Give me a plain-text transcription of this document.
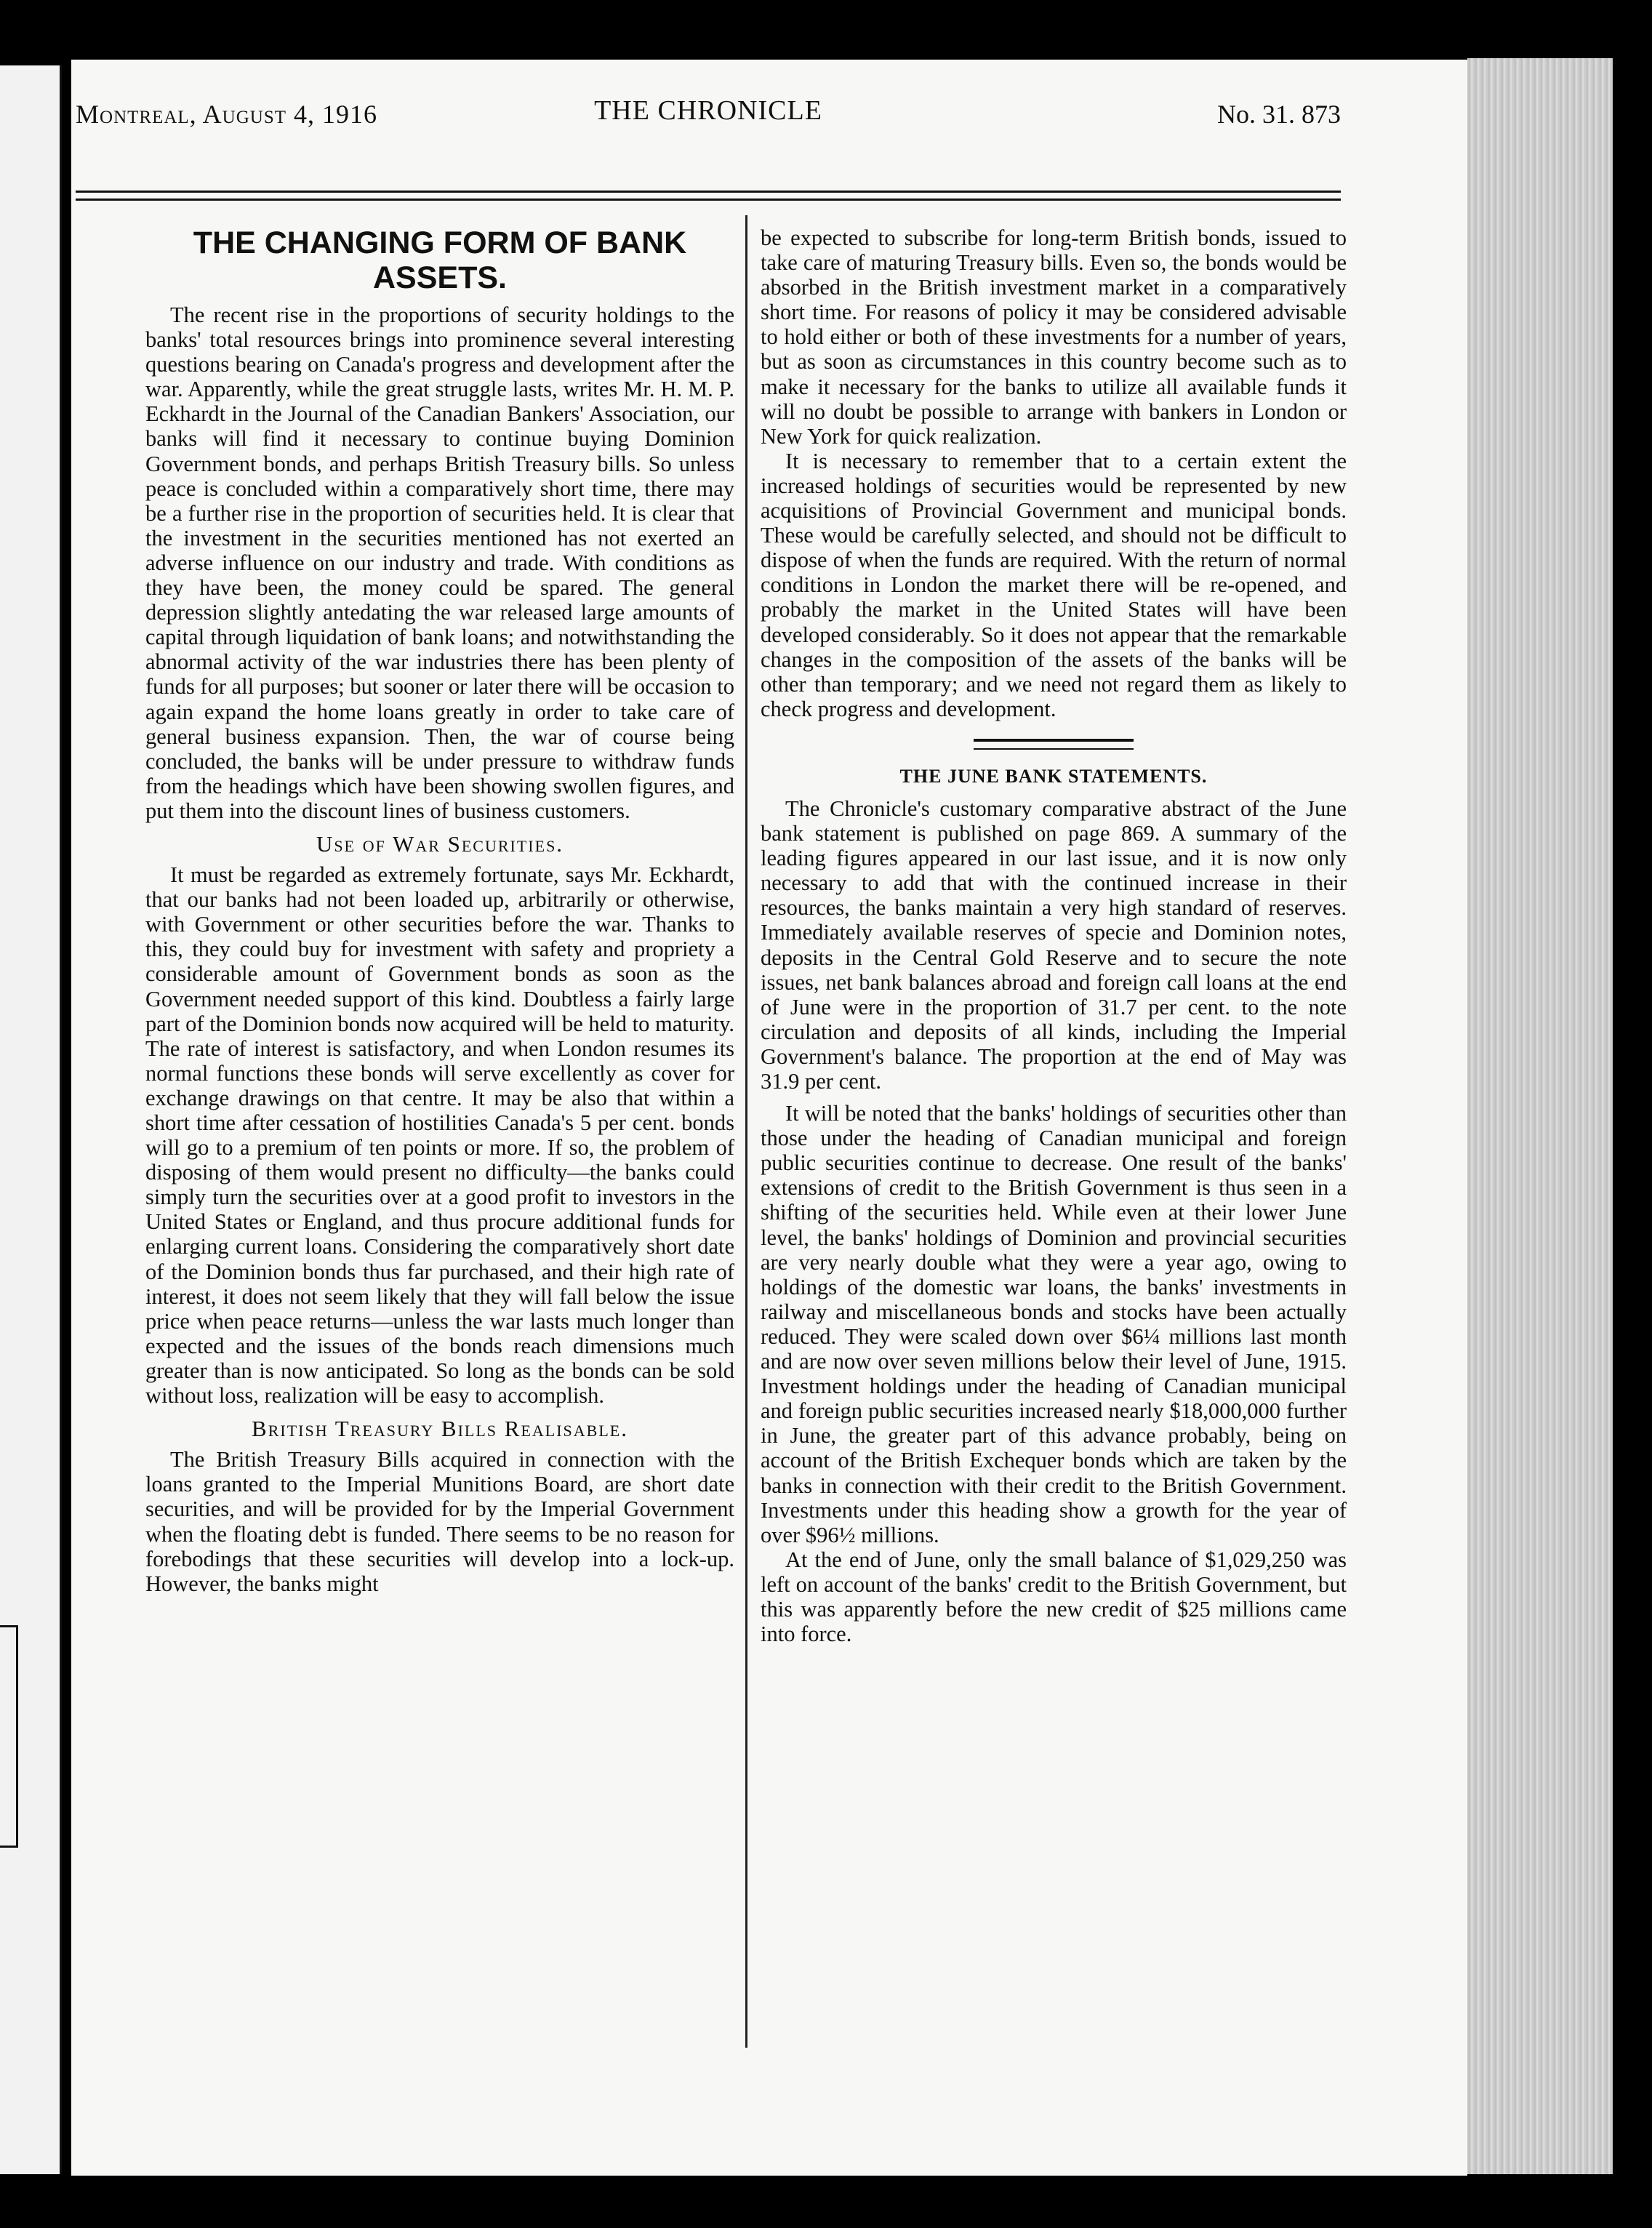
Montreal, August 4, 1916	THE CHRONICLE	No. 31. 873
THE CHANGING FORM OF BANK ASSETS.

The recent rise in the proportions of security holdings to the banks' total resources brings into prominence several interesting questions bearing on Canada's progress and development after the war. Apparently, while the great struggle lasts, writes Mr. H. M. P. Eckhardt in the Journal of the Canadian Bankers' Association, our banks will find it necessary to continue buying Dominion Government bonds, and perhaps British Treasury bills. So unless peace is concluded within a comparatively short time, there may be a further rise in the proportion of securities held. It is clear that the investment in the securities mentioned has not exerted an adverse influence on our industry and trade. With conditions as they have been, the money could be spared. The general depression slightly antedating the war released large amounts of capital through liquidation of bank loans; and notwithstanding the abnormal activity of the war industries there has been plenty of funds for all purposes; but sooner or later there will be occasion to again expand the home loans greatly in order to take care of general business expansion. Then, the war of course being concluded, the banks will be under pressure to withdraw funds from the headings which have been showing swollen figures, and put them into the discount lines of business customers.

Use of War Securities.

It must be regarded as extremely fortunate, says Mr. Eckhardt, that our banks had not been loaded up, arbitrarily or otherwise, with Government or other securities before the war. Thanks to this, they could buy for investment with safety and propriety a considerable amount of Government bonds as soon as the Government needed support of this kind. Doubtless a fairly large part of the Dominion bonds now acquired will be held to maturity. The rate of interest is satisfactory, and when London resumes its normal functions these bonds will serve excellently as cover for exchange drawings on that centre. It may be also that within a short time after cessation of hostilities Canada's 5 per cent. bonds will go to a premium of ten points or more. If so, the problem of disposing of them would present no difficulty—the banks could simply turn the securities over at a good profit to investors in the United States or England, and thus procure additional funds for enlarging current loans. Considering the comparatively short date of the Dominion bonds thus far purchased, and their high rate of interest, it does not seem likely that they will fall below the issue price when peace returns—unless the war lasts much longer than expected and the issues of the bonds reach dimensions much greater than is now anticipated. So long as the bonds can be sold without loss, realization will be easy to accomplish.

British Treasury Bills Realisable.

The British Treasury Bills acquired in connection with the loans granted to the Imperial Munitions Board, are short date securities, and will be provided for by the Imperial Government when the floating debt is funded. There seems to be no reason for forebodings that these securities will develop into a lock-up. However, the banks might

be expected to subscribe for long-term British bonds, issued to take care of maturing Treasury bills. Even so, the bonds would be absorbed in the British investment market in a comparatively short time. For reasons of policy it may be considered advisable to hold either or both of these investments for a number of years, but as soon as circumstances in this country become such as to make it necessary for the banks to utilize all available funds it will no doubt be possible to arrange with bankers in London or New York for quick realization.

It is necessary to remember that to a certain extent the increased holdings of securities would be represented by new acquisitions of Provincial Government and municipal bonds. These would be carefully selected, and should not be difficult to dispose of when the funds are required. With the return of normal conditions in London the market there will be re-opened, and probably the market in the United States will have been developed considerably. So it does not appear that the remarkable changes in the composition of the assets of the banks will be other than temporary; and we need not regard them as likely to check progress and development.

THE JUNE BANK STATEMENTS.

The Chronicle's customary comparative abstract of the June bank statement is published on page 869. A summary of the leading figures appeared in our last issue, and it is now only necessary to add that with the continued increase in their resources, the banks maintain a very high standard of reserves. Immediately available reserves of specie and Dominion notes, deposits in the Central Gold Reserve and to secure the note issues, net bank balances abroad and foreign call loans at the end of June were in the proportion of 31.7 per cent. to the note circulation and deposits of all kinds, including the Imperial Government's balance. The proportion at the end of May was 31.9 per cent.

It will be noted that the banks' holdings of securities other than those under the heading of Canadian municipal and foreign public securities continue to decrease. One result of the banks' extensions of credit to the British Government is thus seen in a shifting of the securities held. While even at their lower June level, the banks' holdings of Dominion and provincial securities are very nearly double what they were a year ago, owing to holdings of the domestic war loans, the banks' investments in railway and miscellaneous bonds and stocks have been actually reduced. They were scaled down over $6¼ millions last month and are now over seven millions below their level of June, 1915. Investment holdings under the heading of Canadian municipal and foreign public securities increased nearly $18,000,000 further in June, the greater part of this advance probably, being on account of the British Exchequer bonds which are taken by the banks in connection with their credit to the British Government. Investments under this heading show a growth for the year of over $96½ millions.

At the end of June, only the small balance of $1,029,250 was left on account of the banks' credit to the British Government, but this was apparently before the new credit of $25 millions came into force.
